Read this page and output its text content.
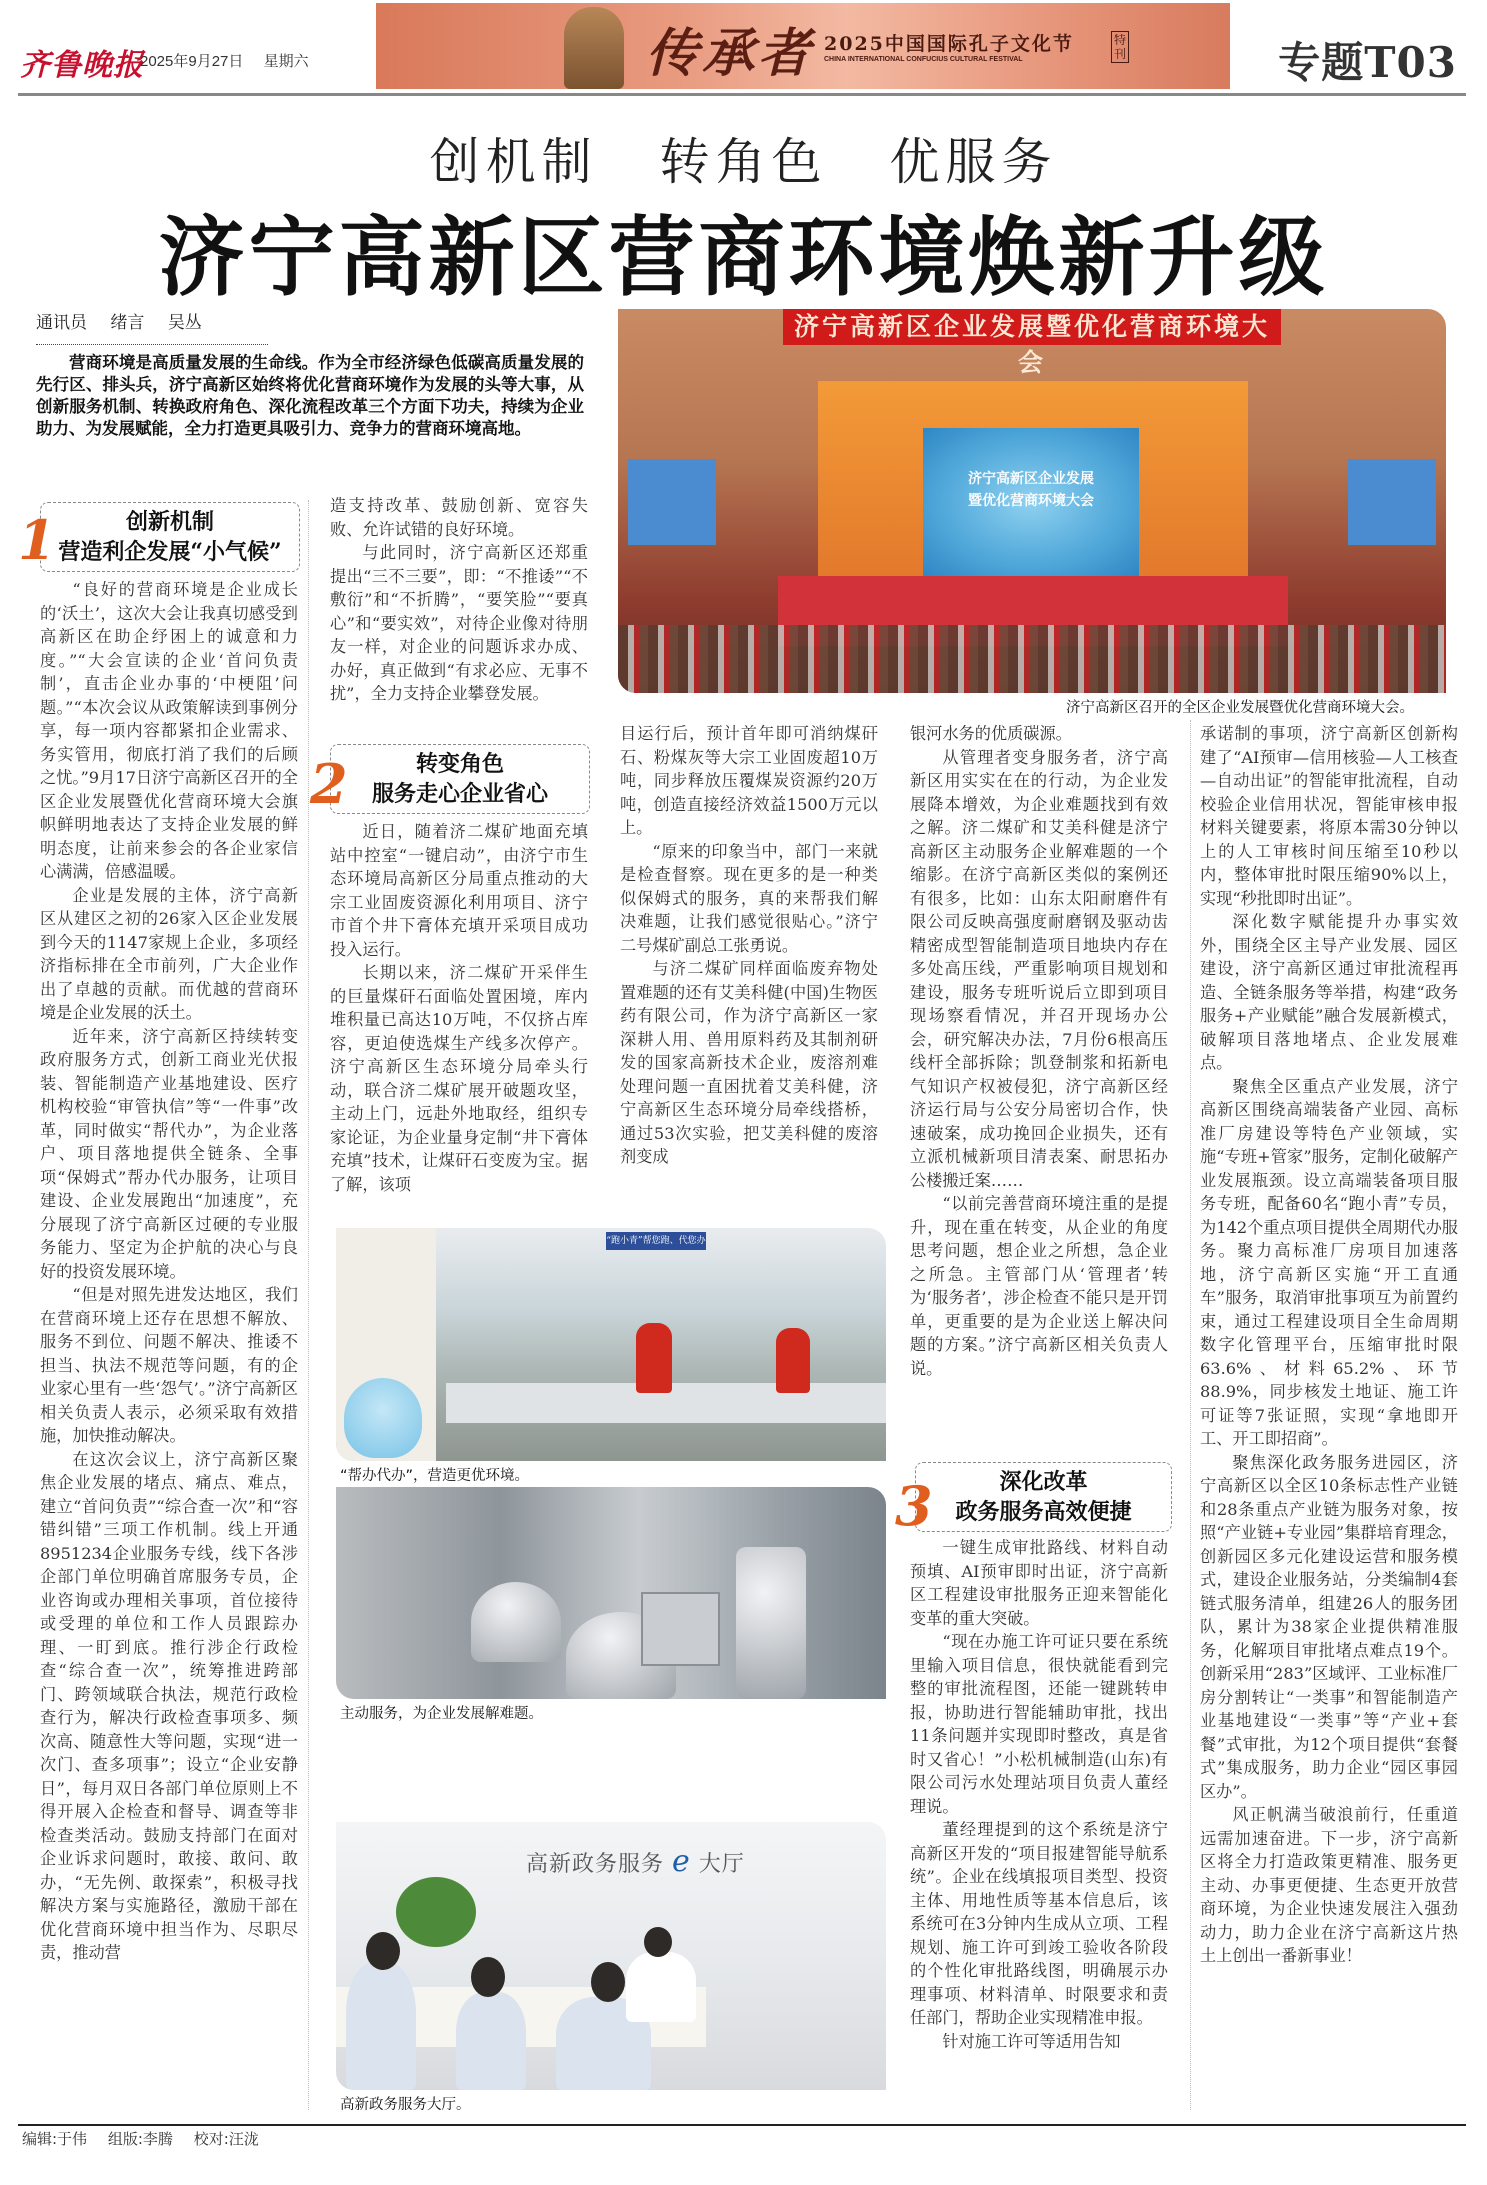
齐鲁晚报
2025年9月27日 星期六	传承者 2025中国国际孔子文化节
CHINA INTERNATIONAL CONFUCIUS CULTURAL FESTIVAL
特刊	专题T03
创机制 转角色 优服务
济宁高新区营商环境焕新升级
通讯员 绪言 吴丛
营商环境是高质量发展的生命线。作为全市经济绿色低碳高质量发展的先行区、排头兵，济宁高新区始终将优化营商环境作为发展的头等大事，从创新服务机制、转换政府角色、深化流程改革三个方面下功夫，持续为企业助力、为发展赋能，全力打造更具吸引力、竞争力的营商环境高地。
济宁高新区企业发展暨优化营商环境大会
济宁高新区企业发展
暨优化营商环境大会
济宁高新区召开的全区企业发展暨优化营商环境大会。
创新机制
营造利企发展“小气候”
1

“良好的营商环境是企业成长的‘沃土’，这次大会让我真切感受到高新区在助企纾困上的诚意和力度。”“大会宣读的企业‘首问负责制’，直击企业办事的‘中梗阻’问题。”“本次会议从政策解读到事例分享，每一项内容都紧扣企业需求、务实管用，彻底打消了我们的后顾之忧。”9月17日济宁高新区召开的全区企业发展暨优化营商环境大会旗帜鲜明地表达了支持企业发展的鲜明态度，让前来参会的各企业家信心满满，倍感温暖。

企业是发展的主体，济宁高新区从建区之初的26家入区企业发展到今天的1147家规上企业，多项经济指标排在全市前列，广大企业作出了卓越的贡献。而优越的营商环境是企业发展的沃土。

近年来，济宁高新区持续转变政府服务方式，创新工商业光伏报装、智能制造产业基地建设、医疗机构校验“审管执信”等“一件事”改革，同时做实“帮代办”，为企业落户、项目落地提供全链条、全事项“保姆式”帮办代办服务，让项目建设、企业发展跑出“加速度”，充分展现了济宁高新区过硬的专业服务能力、坚定为企护航的决心与良好的投资发展环境。

“但是对照先进发达地区，我们在营商环境上还存在思想不解放、服务不到位、问题不解决、推诿不担当、执法不规范等问题，有的企业家心里有一些‘怨气’。”济宁高新区相关负责人表示，必须采取有效措施，加快推动解决。

在这次会议上，济宁高新区聚焦企业发展的堵点、痛点、难点，建立“首问负责”“综合查一次”和“容错纠错”三项工作机制。线上开通8951234企业服务专线，线下各涉企部门单位明确首席服务专员，企业咨询或办理相关事项，首位接待或受理的单位和工作人员跟踪办理、一盯到底。推行涉企行政检查“综合查一次”，统筹推进跨部门、跨领域联合执法，规范行政检查行为，解决行政检查事项多、频次高、随意性大等问题，实现“进一次门、查多项事”；设立“企业安静日”，每月双日各部门单位原则上不得开展入企检查和督导、调查等非检查类活动。鼓励支持部门在面对企业诉求问题时，敢接、敢问、敢办，“无先例、敢探索”，积极寻找解决方案与实施路径，激励干部在优化营商环境中担当作为、尽职尽责，推动营

造支持改革、鼓励创新、宽容失败、允许试错的良好环境。

与此同时，济宁高新区还郑重提出“三不三要”，即：“不推诿”“不敷衍”和“不折腾”，“要笑脸”“要真心”和“要实效”，对待企业像对待朋友一样，对企业的问题诉求办成、办好，真正做到“有求必应、无事不扰”，全力支持企业攀登发展。

转变角色
服务走心企业省心
2

近日，随着济二煤矿地面充填站中控室“一键启动”，由济宁市生态环境局高新区分局重点推动的大宗工业固废资源化利用项目、济宁市首个井下膏体充填开采项目成功投入运行。

长期以来，济二煤矿开采伴生的巨量煤矸石面临处置困境，库内堆积量已高达10万吨，不仅挤占库容，更迫使选煤生产线多次停产。济宁高新区生态环境分局牵头行动，联合济二煤矿展开破题攻坚，主动上门，远赴外地取经，组织专家论证，为企业量身定制“井下膏体充填”技术，让煤矸石变废为宝。据了解，该项

目运行后，预计首年即可消纳煤矸石、粉煤灰等大宗工业固废超10万吨，同步释放压覆煤炭资源约20万吨，创造直接经济效益1500万元以上。

“原来的印象当中，部门一来就是检查督察。现在更多的是一种类似保姆式的服务，真的来帮我们解决难题，让我们感觉很贴心。”济宁二号煤矿副总工张勇说。

与济二煤矿同样面临废弃物处置难题的还有艾美科健(中国)生物医药有限公司，作为济宁高新区一家深耕人用、兽用原料药及其制剂研发的国家高新技术企业，废溶剂难处理问题一直困扰着艾美科健，济宁高新区生态环境分局牵线搭桥，通过53次实验，把艾美科健的废溶剂变成

“跑小青”帮您跑、代您办
“帮办代办”，营造更优环境。
主动服务，为企业发展解难题。
高新政务服务 e 大厅
高新政务服务大厅。

银河水务的优质碳源。

从管理者变身服务者，济宁高新区用实实在在的行动，为企业发展降本增效，为企业难题找到有效之解。济二煤矿和艾美科健是济宁高新区主动服务企业解难题的一个缩影。在济宁高新区类似的案例还有很多，比如：山东太阳耐磨件有限公司反映高强度耐磨钢及驱动齿精密成型智能制造项目地块内存在多处高压线，严重影响项目规划和建设，服务专班听说后立即到项目现场察看情况，并召开现场办公会，研究解决办法，7月份6根高压线杆全部拆除；凯登制浆和拓新电气知识产权被侵犯，济宁高新区经济运行局与公安分局密切合作，快速破案，成功挽回企业损失，还有立派机械新项目清表案、耐思拓办公楼搬迁案……

“以前完善营商环境注重的是提升，现在重在转变，从企业的角度思考问题，想企业之所想，急企业之所急。主管部门从‘管理者’转为‘服务者’，涉企检查不能只是开罚单，更重要的是为企业送上解决问题的方案。”济宁高新区相关负责人说。

深化改革
政务服务高效便捷
3

一键生成审批路线、材料自动预填、AI预审即时出证，济宁高新区工程建设审批服务正迎来智能化变革的重大突破。

“现在办施工许可证只要在系统里输入项目信息，很快就能看到完整的审批流程图，还能一键跳转申报，协助进行智能辅助审批，找出11条问题并实现即时整改，真是省时又省心！”小松机械制造(山东)有限公司污水处理站项目负责人董经理说。

董经理提到的这个系统是济宁高新区开发的“项目报建智能导航系统”。企业在线填报项目类型、投资主体、用地性质等基本信息后，该系统可在3分钟内生成从立项、工程规划、施工许可到竣工验收各阶段的个性化审批路线图，明确展示办理事项、材料清单、时限要求和责任部门，帮助企业实现精准申报。

针对施工许可等适用告知

承诺制的事项，济宁高新区创新构建了“AI预审—信用核验—人工核查—自动出证”的智能审批流程，自动校验企业信用状况，智能审核申报材料关键要素，将原本需30分钟以上的人工审核时间压缩至10秒以内，整体审批时限压缩90%以上，实现“秒批即时出证”。

深化数字赋能提升办事实效外，围绕全区主导产业发展、园区建设，济宁高新区通过审批流程再造、全链条服务等举措，构建“政务服务+产业赋能”融合发展新模式，破解项目落地堵点、企业发展难点。

聚焦全区重点产业发展，济宁高新区围绕高端装备产业园、高标准厂房建设等特色产业领域，实施“专班+管家”服务，定制化破解产业发展瓶颈。设立高端装备项目服务专班，配备60名“跑小青”专员，为142个重点项目提供全周期代办服务。聚力高标准厂房项目加速落地，济宁高新区实施“开工直通车”服务，取消审批事项互为前置约束，通过工程建设项目全生命周期数字化管理平台，压缩审批时限63.6%、材料65.2%、环节88.9%，同步核发土地证、施工许可证等7张证照，实现“拿地即开工、开工即招商”。

聚焦深化政务服务进园区，济宁高新区以全区10条标志性产业链和28条重点产业链为服务对象，按照“产业链+专业园”集群培育理念，创新园区多元化建设运营和服务模式，建设企业服务站，分类编制4套链式服务清单，组建26人的服务团队，累计为38家企业提供精准服务，化解项目审批堵点难点19个。创新采用“283”区域评、工业标准厂房分割转让“一类事”和智能制造产业基地建设“一类事”等“产业+套餐”式审批，为12个项目提供“套餐式”集成服务，助力企业“园区事园区办”。

风正帆满当破浪前行，任重道远需加速奋进。下一步，济宁高新区将全力打造政策更精准、服务更主动、办事更便捷、生态更开放营商环境，为企业快速发展注入强劲动力，助力企业在济宁高新这片热土上创出一番新事业！

编辑:于伟 组版:李腾 校对:汪泷
